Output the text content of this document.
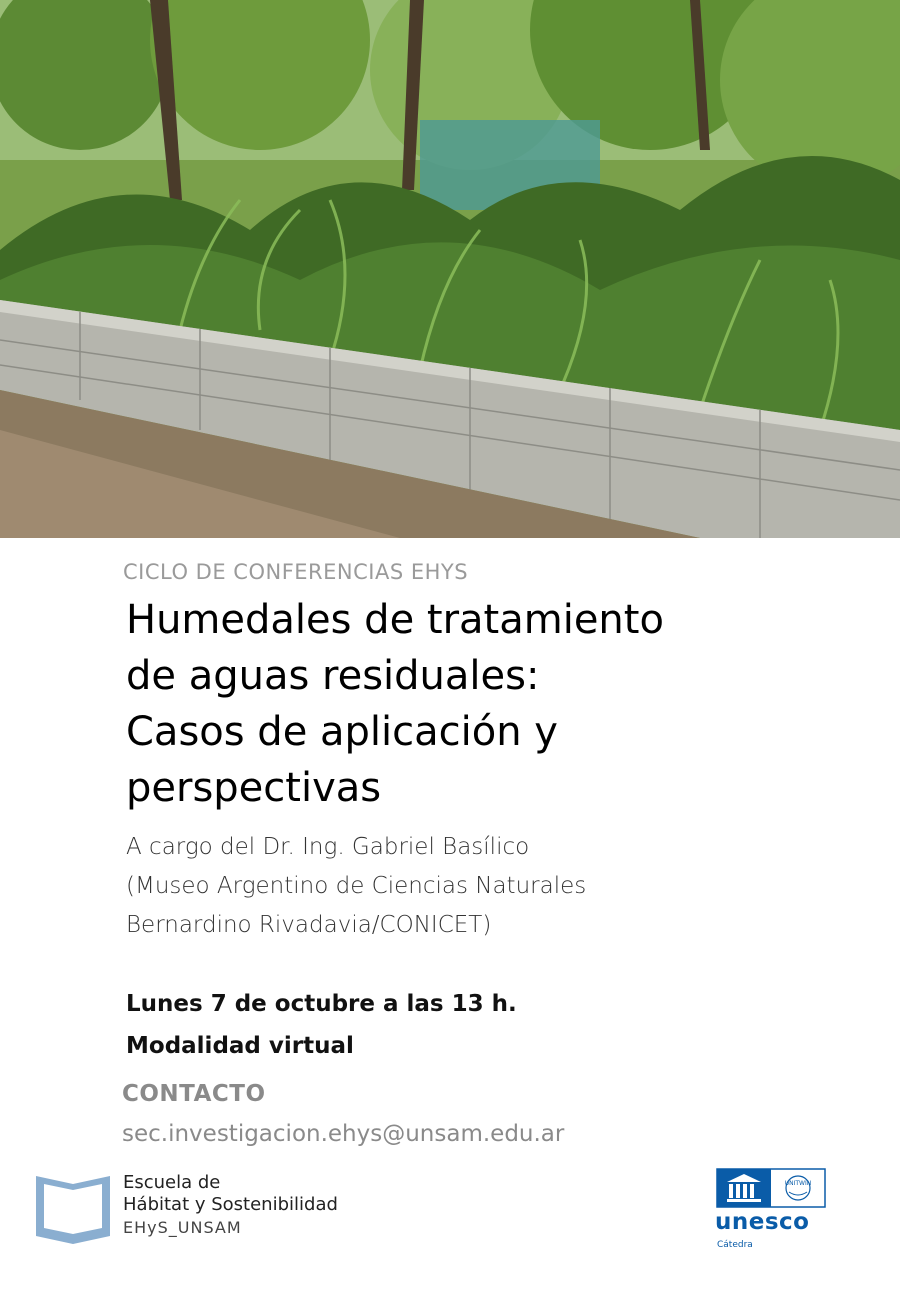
CICLO DE CONFERENCIAS EHYS
Humedales de tratamiento
de aguas residuales:
Casos de aplicación y
perspectivas
A cargo del Dr. Ing. Gabriel Basílico
(Museo Argentino de Ciencias Naturales
Bernardino Rivadavia/CONICET)
Lunes 7 de octubre a las 13 h.
Modalidad virtual
CONTACTO
sec.investigacion.ehys@unsam.edu.ar
Escuela de
Hábitat y Sostenibilidad
EHyS_UNSAM
UNITWIN
unesco
Cátedra
